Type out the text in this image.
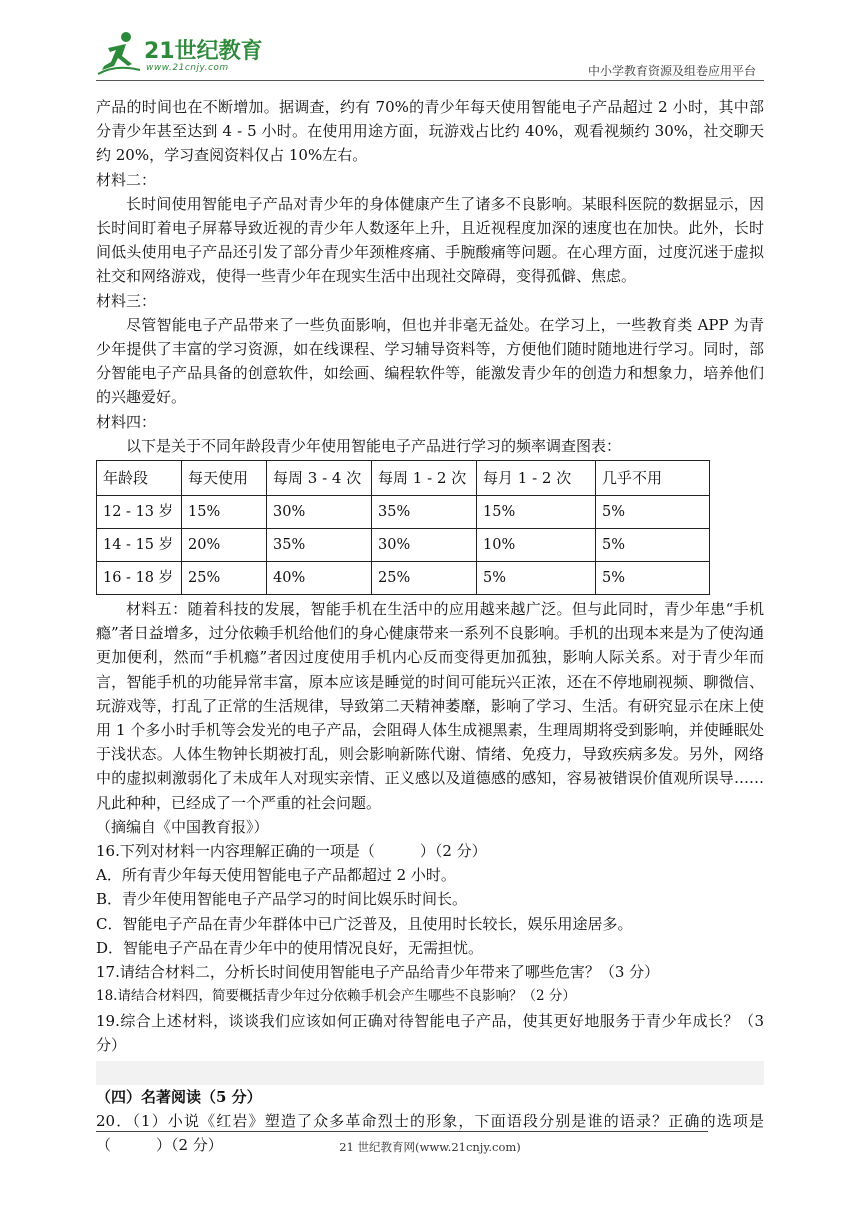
21世纪教育
www.21cnjy.com	中小学教育资源及组卷应用平台

产品的时间也在不断增加。据调查，约有 70%的青少年每天使用智能电子产品超过 2 小时，其中部分青少年甚至达到 4 - 5 小时。在使用用途方面，玩游戏占比约 40%，观看视频约 30%，社交聊天约 20%，学习查阅资料仅占 10%左右。

材料二：

长时间使用智能电子产品对青少年的身体健康产生了诸多不良影响。某眼科医院的数据显示，因长时间盯着电子屏幕导致近视的青少年人数逐年上升，且近视程度加深的速度也在加快。此外，长时间低头使用电子产品还引发了部分青少年颈椎疼痛、手腕酸痛等问题。在心理方面，过度沉迷于虚拟社交和网络游戏，使得一些青少年在现实生活中出现社交障碍，变得孤僻、焦虑。

材料三：

尽管智能电子产品带来了一些负面影响，但也并非毫无益处。在学习上，一些教育类 APP 为青少年提供了丰富的学习资源，如在线课程、学习辅导资料等，方便他们随时随地进行学习。同时，部分智能电子产品具备的创意软件，如绘画、编程软件等，能激发青少年的创造力和想象力，培养他们的兴趣爱好。

材料四：

以下是关于不同年龄段青少年使用智能电子产品进行学习的频率调查图表：

年龄段	每天使用	每周 3 - 4 次	每周 1 - 2 次	每月 1 - 2 次	几乎不用
12 - 13 岁	15%	30%	35%	15%	5%
14 - 15 岁	20%	35%	30%	10%	5%
16 - 18 岁	25%	40%	25%	5%	5%

材料五：随着科技的发展，智能手机在生活中的应用越来越广泛。但与此同时，青少年患“手机瘾”者日益增多，过分依赖手机给他们的身心健康带来一系列不良影响。手机的出现本来是为了使沟通更加便利，然而“手机瘾”者因过度使用手机内心反而变得更加孤独，影响人际关系。对于青少年而言，智能手机的功能异常丰富，原本应该是睡觉的时间可能玩兴正浓，还在不停地刷视频、聊微信、玩游戏等，打乱了正常的生活规律，导致第二天精神萎靡，影响了学习、生活。有研究显示在床上使用 1 个多小时手机等会发光的电子产品，会阻碍人体生成褪黑素，生理周期将受到影响，并使睡眠处于浅状态。人体生物钟长期被打乱，则会影响新陈代谢、情绪、免疫力，导致疾病多发。另外，网络中的虚拟刺激弱化了未成年人对现实亲情、正义感以及道德感的感知，容易被错误价值观所误导……凡此种种，已经成了一个严重的社会问题。

（摘编自《中国教育报》）

16.下列对材料一内容理解正确的一项是（　　　）（2 分）

A．所有青少年每天使用智能电子产品都超过 2 小时。

B．青少年使用智能电子产品学习的时间比娱乐时间长。

C．智能电子产品在青少年群体中已广泛普及，且使用时长较长，娱乐用途居多。

D．智能电子产品在青少年中的使用情况良好，无需担忧。

17.请结合材料二，分析长时间使用智能电子产品给青少年带来了哪些危害？（3 分）

18.请结合材料四，简要概括青少年过分依赖手机会产生哪些不良影响？（2 分）

19.综合上述材料，谈谈我们应该如何正确对待智能电子产品，使其更好地服务于青少年成长？（3 分）

（四）名著阅读（5 分）

20．（1）小说《红岩》塑造了众多革命烈士的形象，下面语段分别是谁的语录？正确的选项是（　　　）（2 分）	21 世纪教育网(www.21cnjy.com)
